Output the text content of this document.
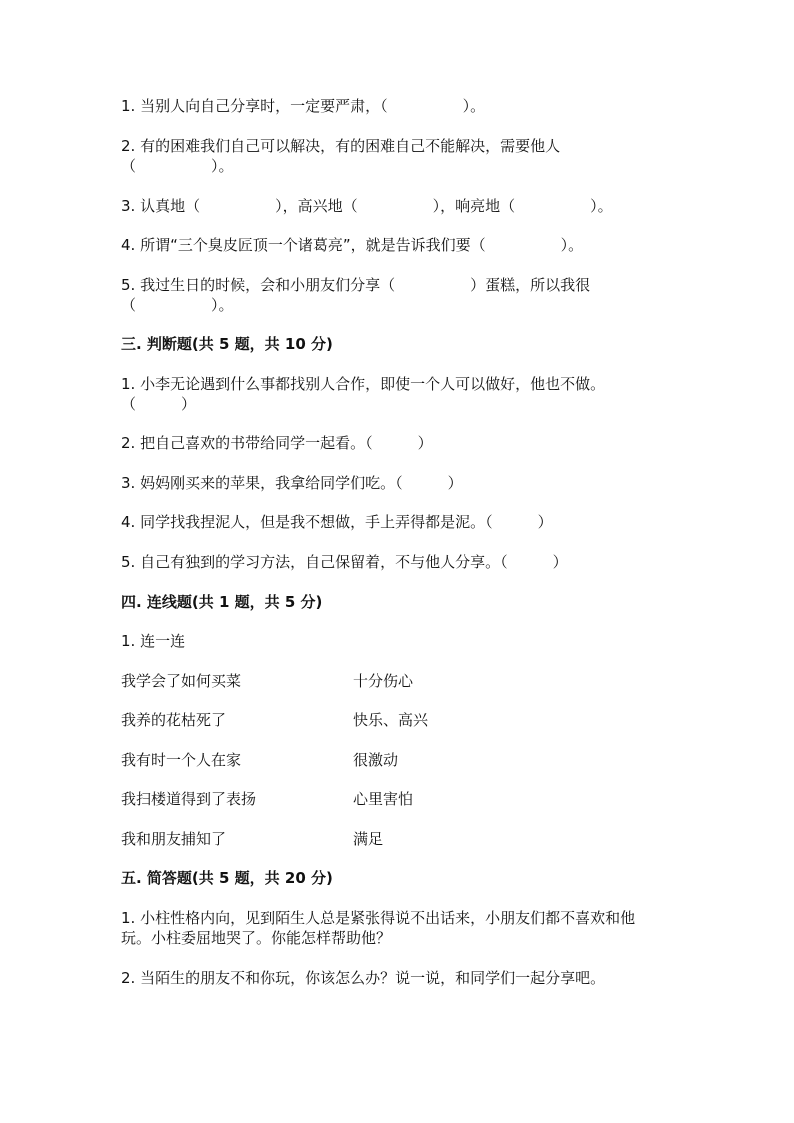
1. 当别人向自己分享时，一定要严肃，（　　　　　）。
2. 有的困难我们自己可以解决，有的困难自己不能解决，需要他人
（　　　　　）。
3. 认真地（　　　　　），高兴地（　　　　　），响亮地（　　　　　）。
4. 所谓“三个臭皮匠顶一个诸葛亮”，就是告诉我们要（　　　　　）。
5. 我过生日的时候，会和小朋友们分享（　　　　　）蛋糕，所以我很
（　　　　　）。
三. 判断题(共 5 题，共 10 分)
1. 小李无论遇到什么事都找别人合作，即使一个人可以做好，他也不做。
（　　　）
2. 把自己喜欢的书带给同学一起看。（　　　）
3. 妈妈刚买来的苹果，我拿给同学们吃。（　　　）
4. 同学找我捏泥人，但是我不想做，手上弄得都是泥。（　　　）
5. 自己有独到的学习方法，自己保留着，不与他人分享。（　　　）
四. 连线题(共 1 题，共 5 分)
1. 连一连
我学会了如何买菜	十分伤心
我养的花枯死了	快乐、高兴
我有时一个人在家	很激动
我扫楼道得到了表扬	心里害怕
我和朋友捕知了	满足
五. 简答题(共 5 题，共 20 分)
1. 小柱性格内向，见到陌生人总是紧张得说不出话来，小朋友们都不喜欢和他
玩。小柱委屈地哭了。你能怎样帮助他？
2. 当陌生的朋友不和你玩，你该怎么办？说一说，和同学们一起分享吧。
